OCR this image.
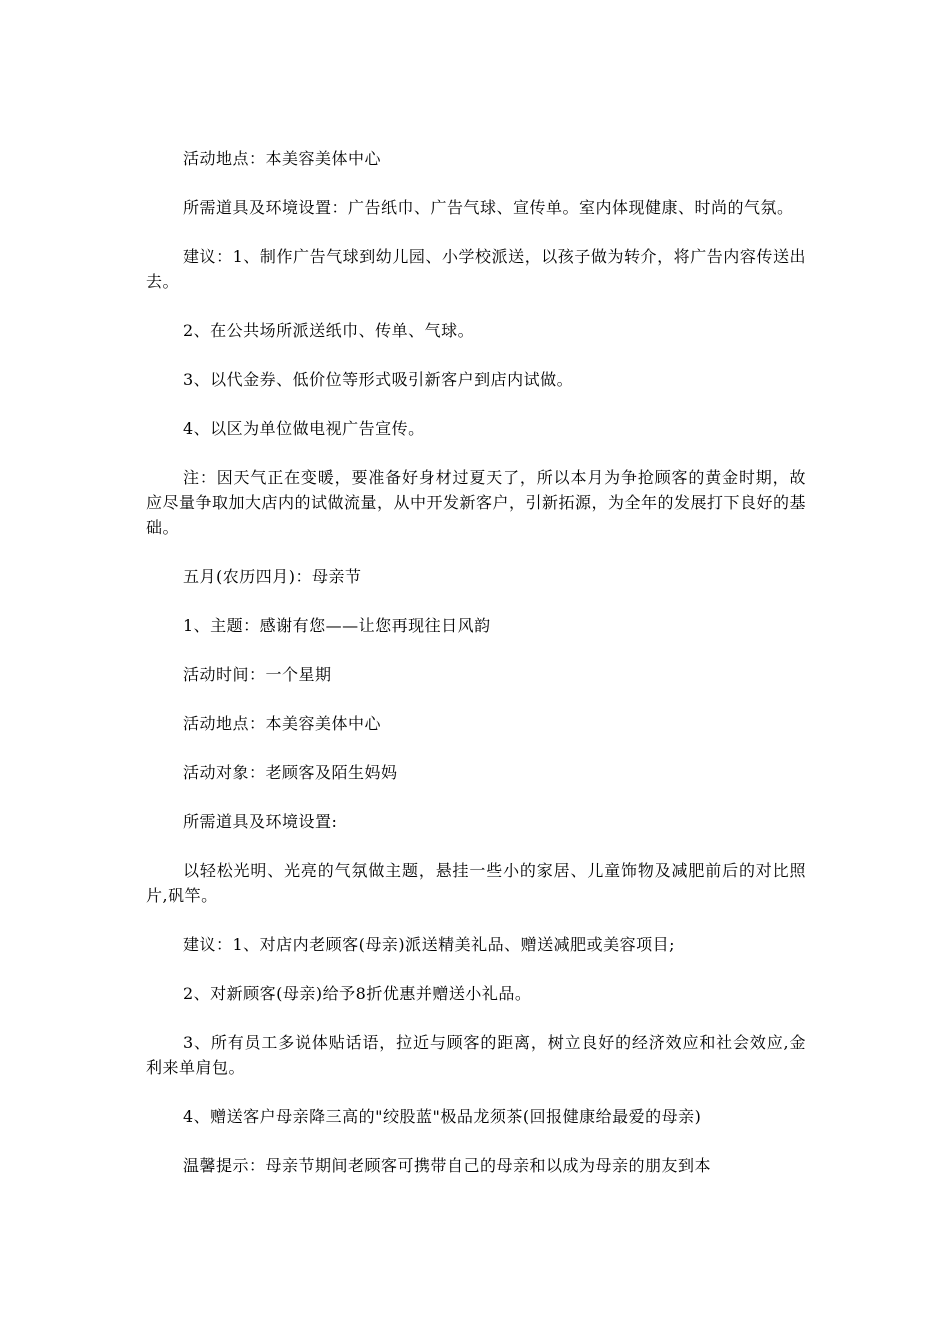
活动地点：本美容美体中心

所需道具及环境设置：广告纸巾、广告气球、宣传单。室内体现健康、时尚的气氛。

建议：1、制作广告气球到幼儿园、小学校派送，以孩子做为转介，将广告内容传送出去。

2、在公共场所派送纸巾、传单、气球。

3、以代金券、低价位等形式吸引新客户到店内试做。

4、以区为单位做电视广告宣传。

注：因天气正在变暖，要准备好身材过夏天了，所以本月为争抢顾客的黄金时期，故应尽量争取加大店内的试做流量，从中开发新客户，引新拓源，为全年的发展打下良好的基础。

五月(农历四月)：母亲节

1、主题：感谢有您——让您再现往日风韵

活动时间：一个星期

活动地点：本美容美体中心

活动对象：老顾客及陌生妈妈

所需道具及环境设置:

以轻松光明、光亮的气氛做主题，悬挂一些小的家居、儿童饰物及减肥前后的对比照片,矾竿。

建议：1、对店内老顾客(母亲)派送精美礼品、赠送减肥或美容项目;

2、对新顾客(母亲)给予8折优惠并赠送小礼品。

3、所有员工多说体贴话语，拉近与顾客的距离，树立良好的经济效应和社会效应,金利来单肩包。

4、赠送客户母亲降三高的"绞股蓝"极品龙须茶(回报健康给最爱的母亲)

温馨提示：母亲节期间老顾客可携带自己的母亲和以成为母亲的朋友到本
